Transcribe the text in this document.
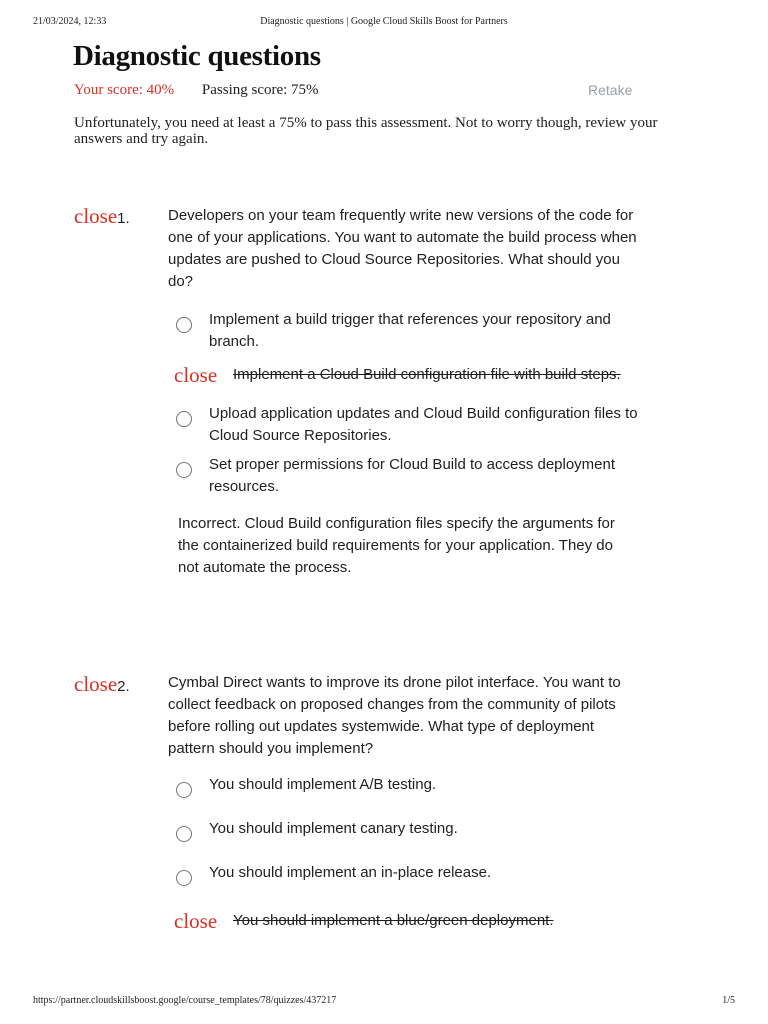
21/03/2024, 12:33	Diagnostic questions | Google Cloud Skills Boost for Partners
Diagnostic questions
Your score: 40% Passing score: 75%	Retake
Unfortunately, you need at least a 75% to pass this assessment. Not to worry though, review your answers and try again.
close1.	Developers on your team frequently write new versions of the code for one of your applications. You want to automate the build process when updates are pushed to Cloud Source Repositories. What should you do?
Implement a build trigger that references your repository and branch.
close Implement a Cloud Build configuration file with build steps.
Upload application updates and Cloud Build configuration files to Cloud Source Repositories.
Set proper permissions for Cloud Build to access deployment resources.
Incorrect. Cloud Build configuration files specify the arguments for the containerized build requirements for your application. They do not automate the process.
close2.	Cymbal Direct wants to improve its drone pilot interface. You want to collect feedback on proposed changes from the community of pilots before rolling out updates systemwide. What type of deployment pattern should you implement?
You should implement A/B testing.
You should implement canary testing.
You should implement an in-place release.
close You should implement a blue/green deployment.
https://partner.cloudskillsboost.google/course_templates/78/quizzes/437217	1/5
